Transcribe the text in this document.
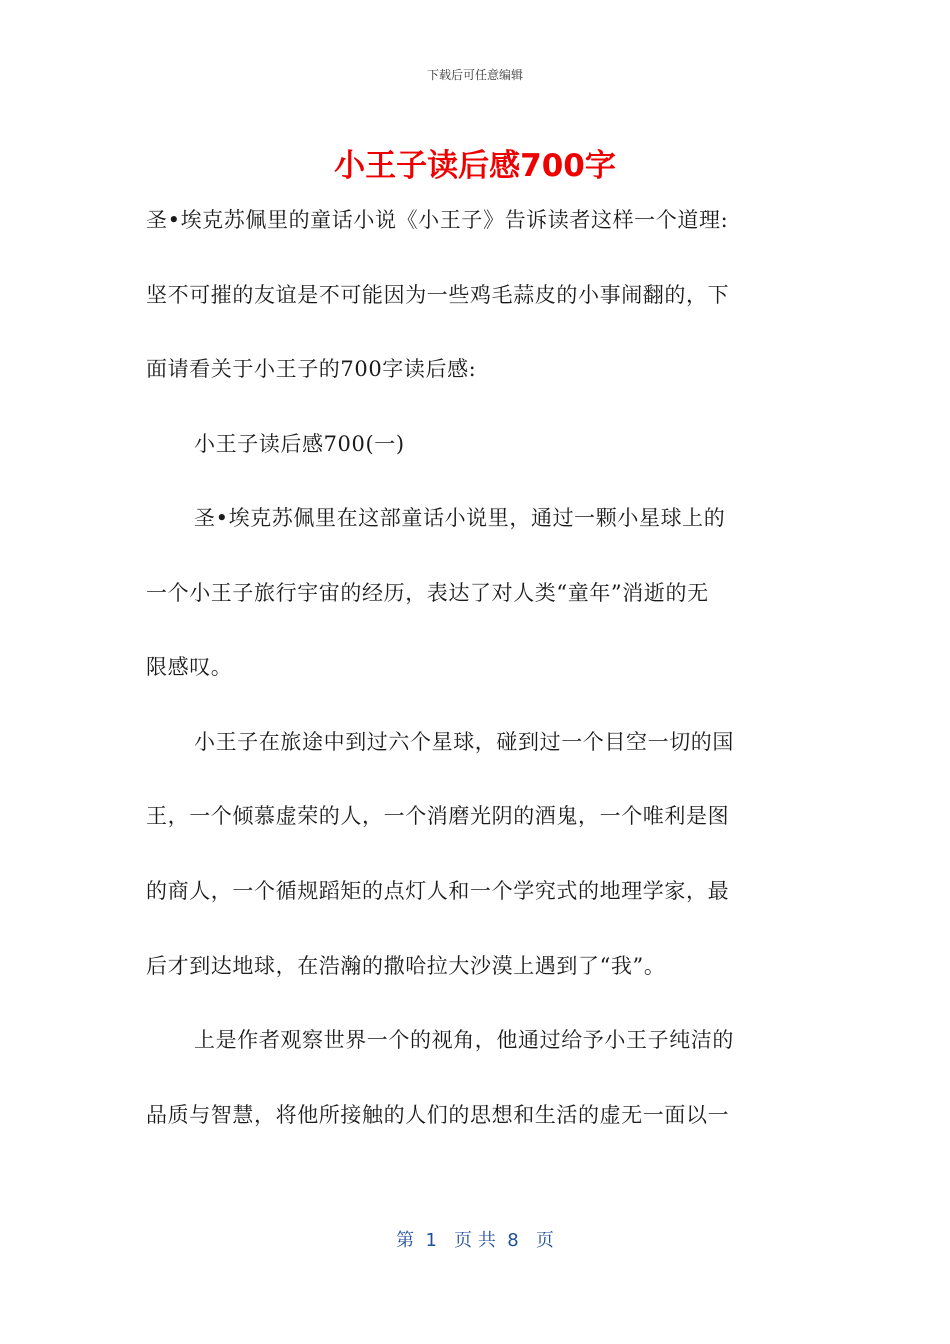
下载后可任意编辑
小王子读后感700字
圣•埃克苏佩里的童话小说《小王子》告诉读者这样一个道理:
坚不可摧的友谊是不可能因为一些鸡毛蒜皮的小事闹翻的，下
面请看关于小王子的700字读后感:
小王子读后感700(一)
圣•埃克苏佩里在这部童话小说里，通过一颗小星球上的
一个小王子旅行宇宙的经历，表达了对人类“童年”消逝的无
限感叹。
小王子在旅途中到过六个星球，碰到过一个目空一切的国
王，一个倾慕虚荣的人，一个消磨光阴的酒鬼，一个唯利是图
的商人，一个循规蹈矩的点灯人和一个学究式的地理学家，最
后才到达地球，在浩瀚的撒哈拉大沙漠上遇到了“我”。
上是作者观察世界一个的视角，他通过给予小王子纯洁的
品质与智慧，将他所接触的人们的思想和生活的虚无一面以一
第  1   页 共  8   页
